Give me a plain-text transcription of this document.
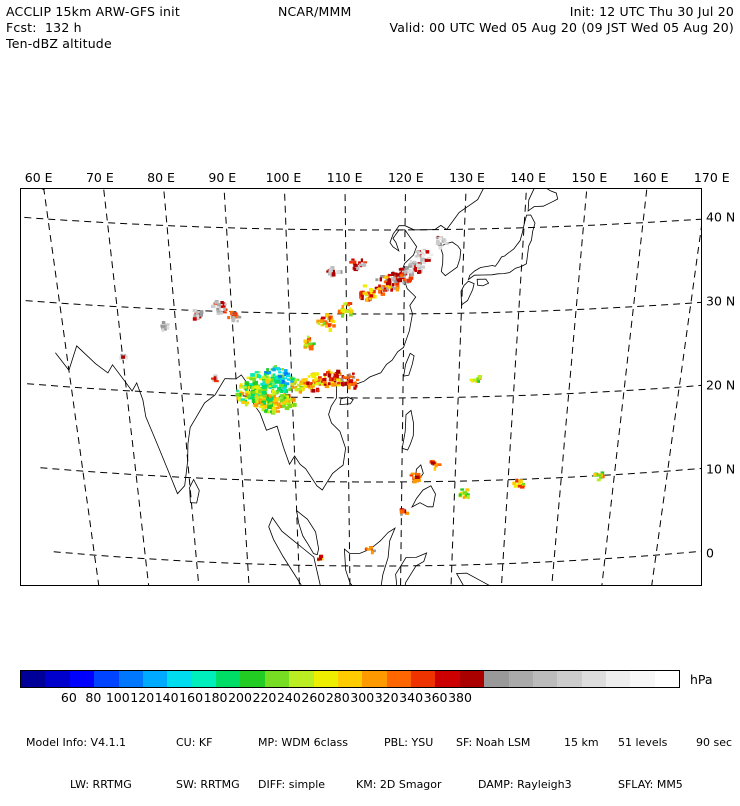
ACCLIP 15km ARW-GFS init	NCAR/MMM	Init: 12 UTC Thu 30 Jul 20
Fcst:  132 h	Valid: 00 UTC Wed 05 Aug 20 (09 JST Wed 05 Aug 20)
Ten-dBZ altitude
60 E	70 E	80 E	90 E 100 E 110 E 120 E 130 E 140 E 150 E 160 E 170 E
40 N
30 N
20 N
10 N
0
hPa
60 80 100 120 140 160 180 200 220 240 260 280 300 320 340 360 380

Model Info: V4.1.1	CU: KF	MP: WDM 6class	PBL: YSU SF: Noah LSM	15 km 51 levels	90 sec

LW: RRTMG	SW: RRTMG DIFF: simple	KM: 2D Smagor	DAMP: Rayleigh3	SFLAY: MM5
